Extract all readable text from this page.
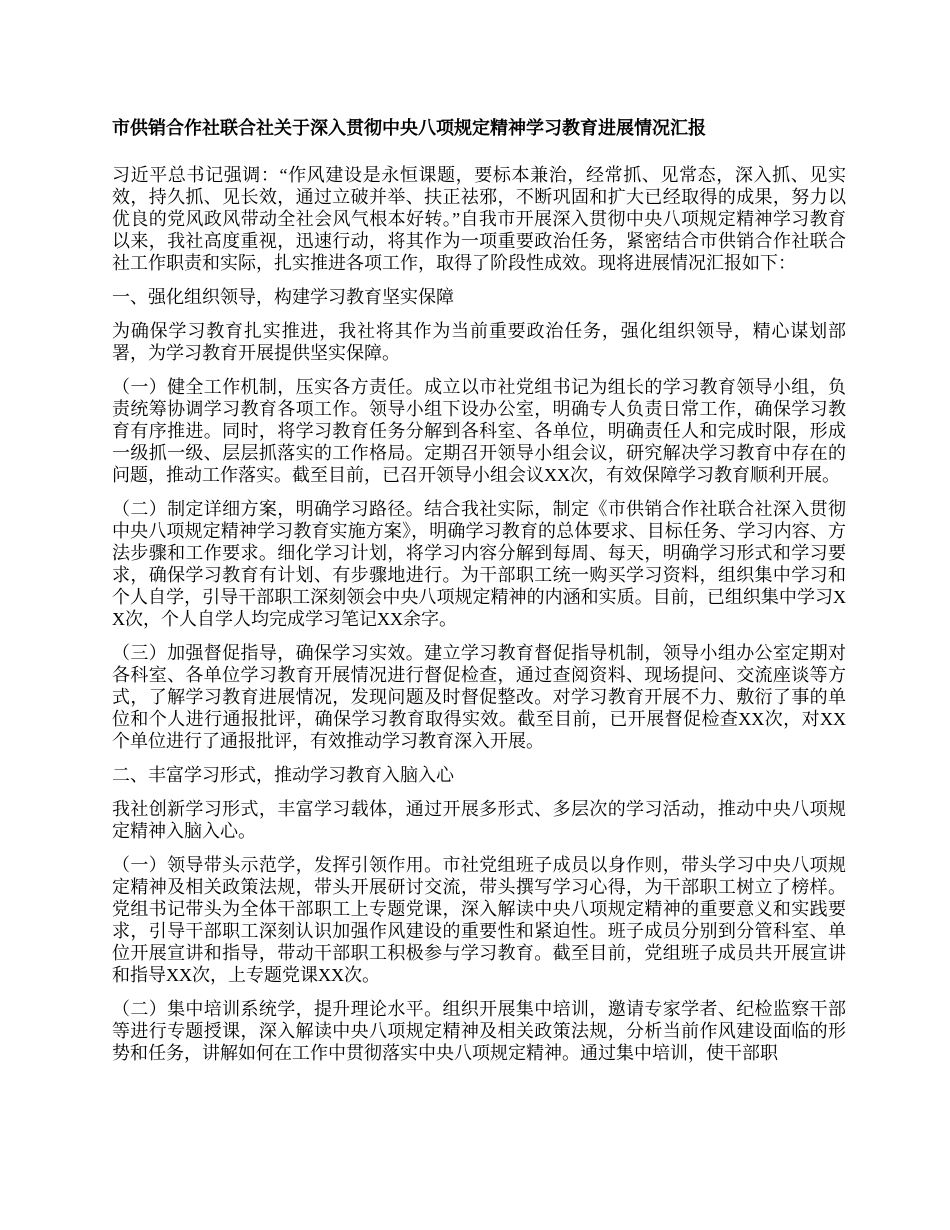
市供销合作社联合社关于深入贯彻中央八项规定精神学习教育进展情况汇报

习近平总书记强调：“作风建设是永恒课题，要标本兼治，经常抓、见常态，深入抓、见实效，持久抓、见长效，通过立破并举、扶正祛邪，不断巩固和扩大已经取得的成果，努力以优良的党风政风带动全社会风气根本好转。”自我市开展深入贯彻中央八项规定精神学习教育以来，我社高度重视，迅速行动，将其作为一项重要政治任务，紧密结合市供销合作社联合社工作职责和实际，扎实推进各项工作，取得了阶段性成效。现将进展情况汇报如下：

一、强化组织领导，构建学习教育坚实保障

为确保学习教育扎实推进，我社将其作为当前重要政治任务，强化组织领导，精心谋划部署，为学习教育开展提供坚实保障。

（一）健全工作机制，压实各方责任。成立以市社党组书记为组长的学习教育领导小组，负责统筹协调学习教育各项工作。领导小组下设办公室，明确专人负责日常工作，确保学习教育有序推进。同时，将学习教育任务分解到各科室、各单位，明确责任人和完成时限，形成一级抓一级、层层抓落实的工作格局。定期召开领导小组会议，研究解决学习教育中存在的问题，推动工作落实。截至目前，已召开领导小组会议XX次，有效保障学习教育顺利开展。

（二）制定详细方案，明确学习路径。结合我社实际，制定《市供销合作社联合社深入贯彻中央八项规定精神学习教育实施方案》，明确学习教育的总体要求、目标任务、学习内容、方法步骤和工作要求。细化学习计划，将学习内容分解到每周、每天，明确学习形式和学习要求，确保学习教育有计划、有步骤地进行。为干部职工统一购买学习资料，组织集中学习和个人自学，引导干部职工深刻领会中央八项规定精神的内涵和实质。目前，已组织集中学习XX次，个人自学人均完成学习笔记XX余字。

（三）加强督促指导，确保学习实效。建立学习教育督促指导机制，领导小组办公室定期对各科室、各单位学习教育开展情况进行督促检查，通过查阅资料、现场提问、交流座谈等方式，了解学习教育进展情况，发现问题及时督促整改。对学习教育开展不力、敷衍了事的单位和个人进行通报批评，确保学习教育取得实效。截至目前，已开展督促检查XX次，对XX个单位进行了通报批评，有效推动学习教育深入开展。

二、丰富学习形式，推动学习教育入脑入心

我社创新学习形式，丰富学习载体，通过开展多形式、多层次的学习活动，推动中央八项规定精神入脑入心。

（一）领导带头示范学，发挥引领作用。市社党组班子成员以身作则，带头学习中央八项规定精神及相关政策法规，带头开展研讨交流，带头撰写学习心得，为干部职工树立了榜样。党组书记带头为全体干部职工上专题党课，深入解读中央八项规定精神的重要意义和实践要求，引导干部职工深刻认识加强作风建设的重要性和紧迫性。班子成员分别到分管科室、单位开展宣讲和指导，带动干部职工积极参与学习教育。截至目前，党组班子成员共开展宣讲和指导XX次，上专题党课XX次。

（二）集中培训系统学，提升理论水平。组织开展集中培训，邀请专家学者、纪检监察干部等进行专题授课，深入解读中央八项规定精神及相关政策法规，分析当前作风建设面临的形势和任务，讲解如何在工作中贯彻落实中央八项规定精神。通过集中培训，使干部职
